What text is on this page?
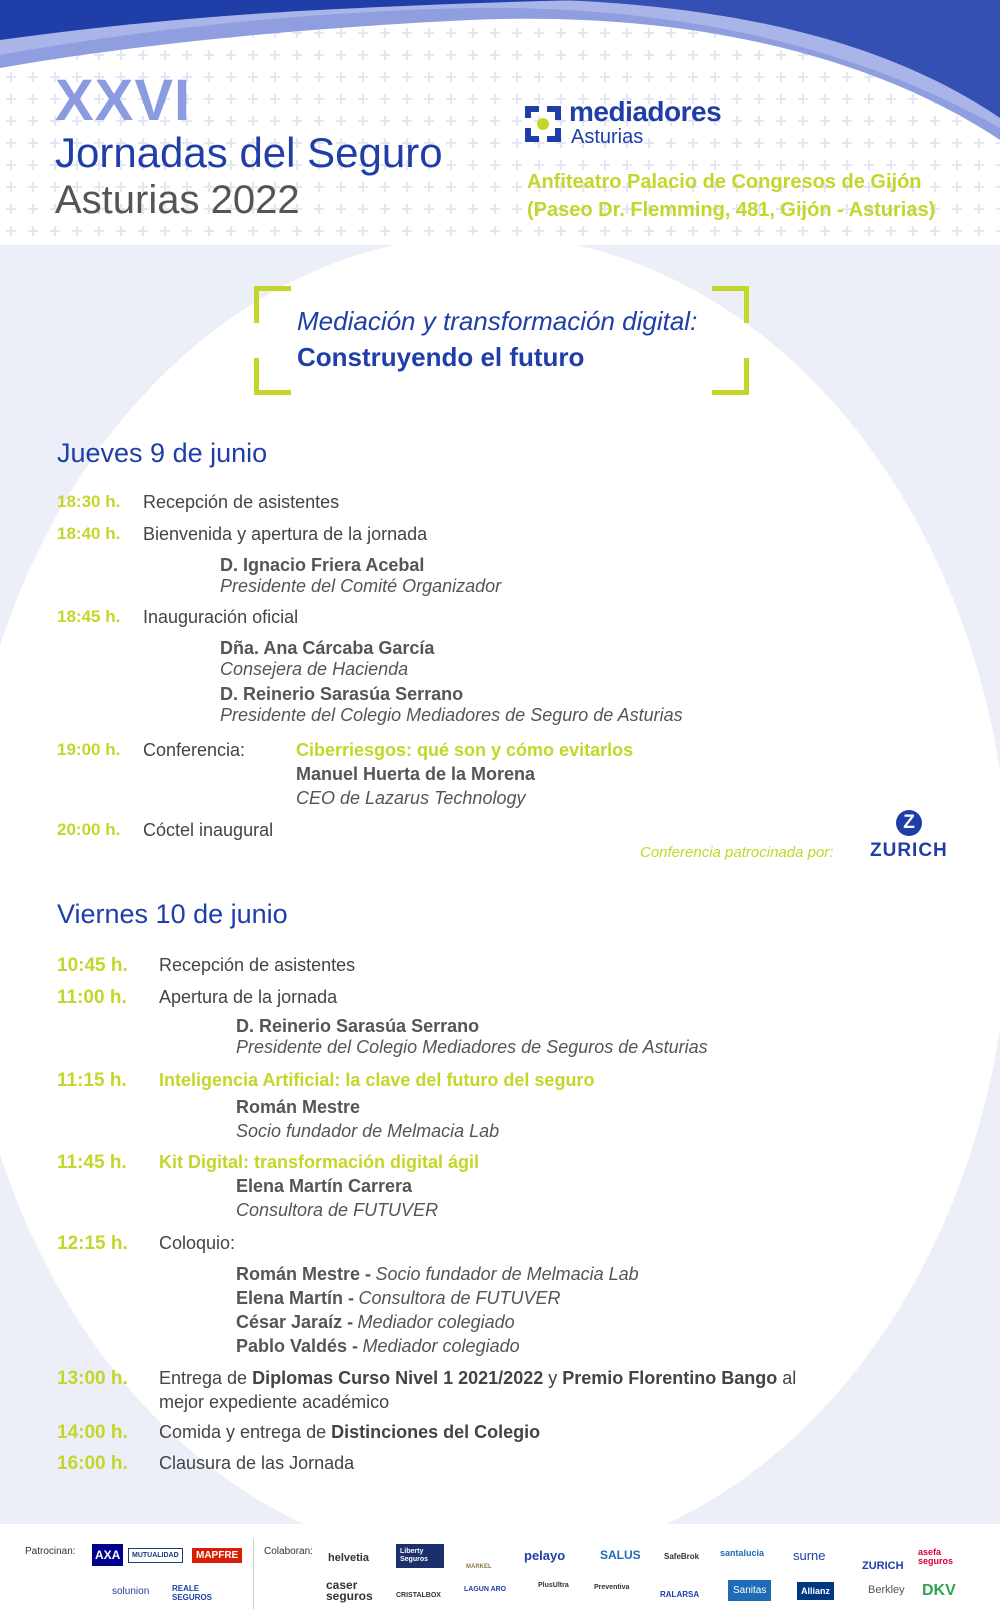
XXVI
Jornadas del Seguro
Asturias 2022
mediadores
Asturias
Anfiteatro Palacio de Congresos de Gijón
(Paseo Dr. Flemming, 481, Gijón - Asturias)
Mediación y transformación digital:
Construyendo el futuro
Jueves 9 de junio
18:30 h. Recepción de asistentes
18:40 h. Bienvenida y apertura de la jornada
D. Ignacio Friera Acebal
Presidente del Comité Organizador
18:45 h. Inauguración oficial
Dña. Ana Cárcaba García
Consejera de Hacienda
D. Reinerio Sarasúa Serrano
Presidente del Colegio Mediadores de Seguro de Asturias
19:00 h. Conferencia:	Ciberriesgos: qué son y cómo evitarlos
Manuel Huerta de la Morena
CEO de Lazarus Technology
20:00 h. Cóctel inaugural
Conferencia patrocinada por:
Z
ZURICH
Viernes 10 de junio
10:45 h. Recepción de asistentes
11:00 h. Apertura de la jornada
D. Reinerio Sarasúa Serrano
Presidente del Colegio Mediadores de Seguros de Asturias
11:15 h. Inteligencia Artificial: la clave del futuro del seguro
Román Mestre
Socio fundador de Melmacia Lab
11:45 h. Kit Digital: transformación digital ágil
Elena Martín Carrera
Consultora de FUTUVER
12:15 h. Coloquio:
Román Mestre - Socio fundador de Melmacia Lab
Elena Martín - Consultora de FUTUVER
César Jaraíz - Mediador colegiado
Pablo Valdés - Mediador colegiado
13:00 h. Entrega de Diplomas Curso Nivel 1 2021/2022 y Premio Florentino Bango al
mejor expediente académico
14:00 h. Comida y entrega de Distinciones del Colegio
16:00 h. Clausura de las Jornada
Patrocinan: AXA	MUTUALIDAD	MAPFRE
solunion	REALE SEGUROS
Colaboran:
helvetia
Liberty Seguros
MARKEL
pelayo	SALUS	SafeBrok santalucia surne
ZURICH
asefa seguros
caser seguros	CRISTALBOX
LAGUN ARO
PlusUltra	Preventiva
RALARSA	Sanitas	Allianz	Berkley DKV
